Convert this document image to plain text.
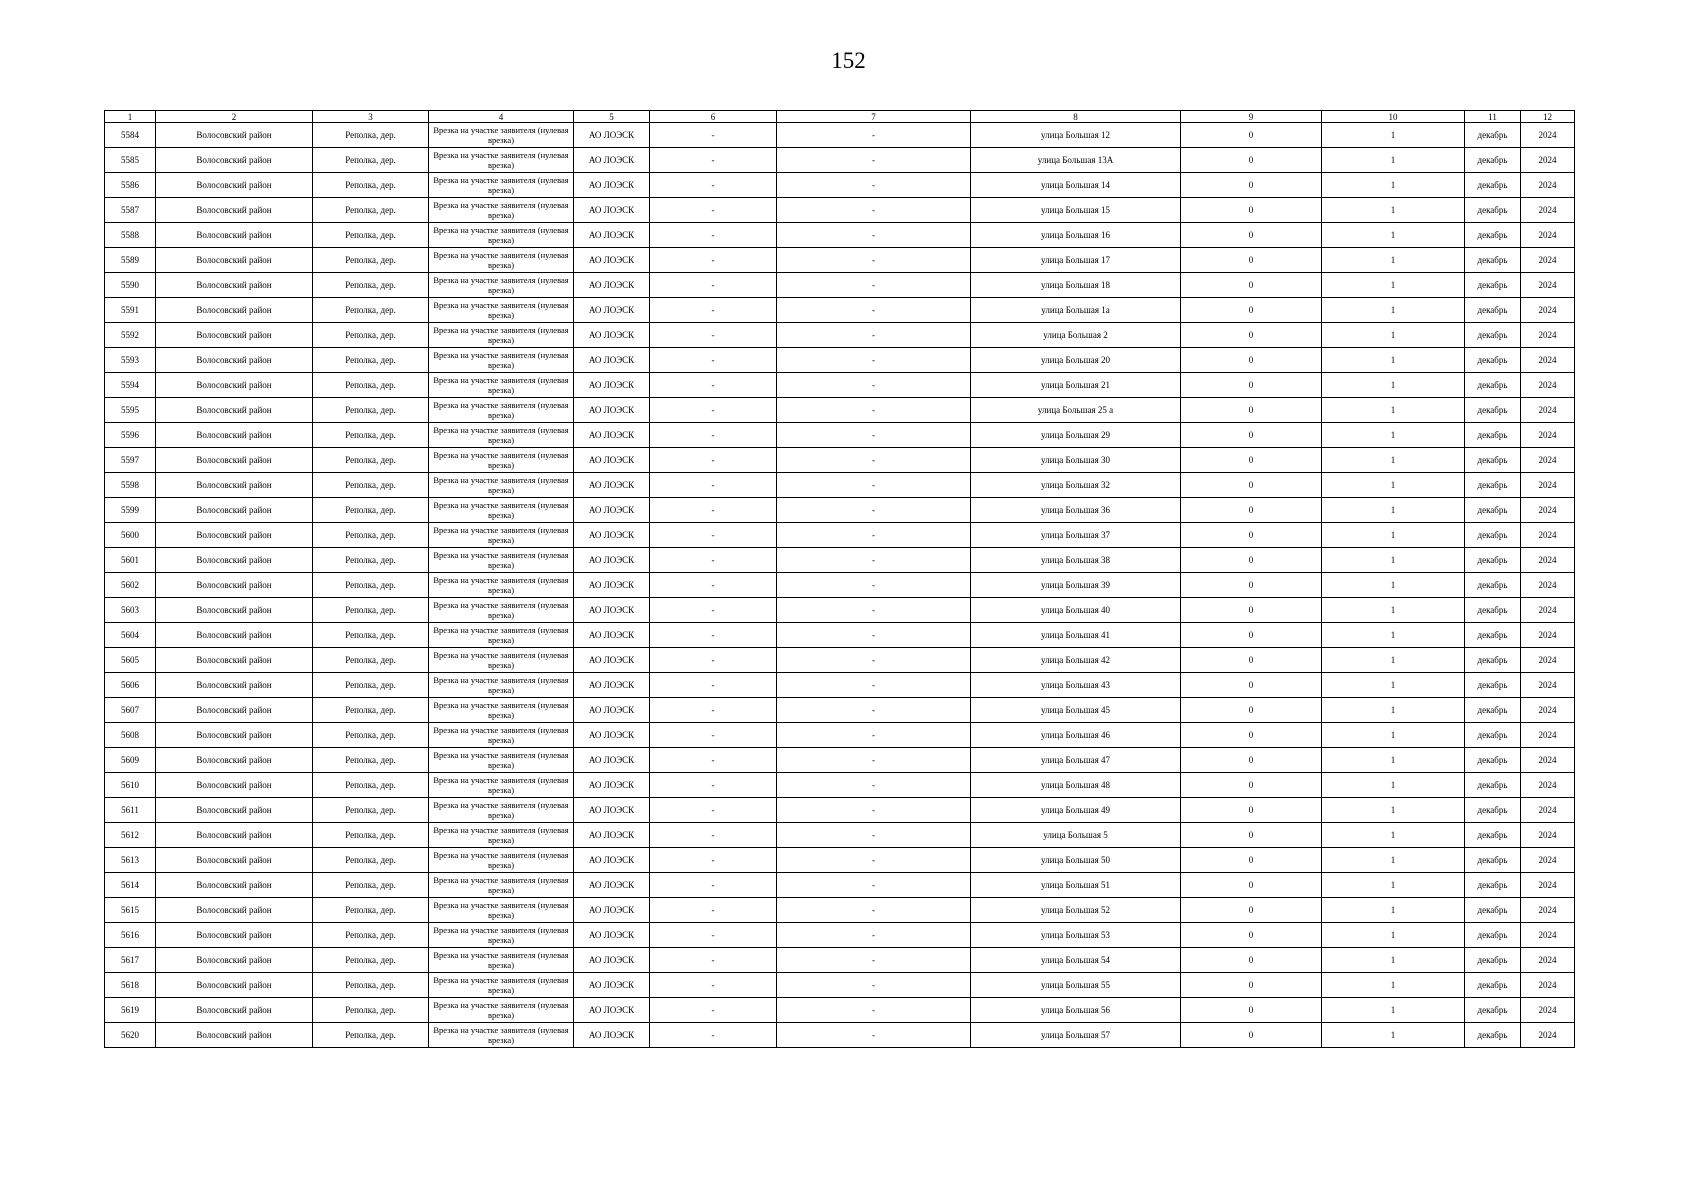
152
1	2	3	4	5	6	7	8	9	10	11	12
5584	Волосовский район	Реполка, дер.	Врезка на участке заявителя (нулевая врезка)	АО ЛОЭСК	-	-	улица Большая 12	0	1	декабрь	2024
5585	Волосовский район	Реполка, дер.	Врезка на участке заявителя (нулевая врезка)	АО ЛОЭСК	-	-	улица Большая 13А	0	1	декабрь	2024
5586	Волосовский район	Реполка, дер.	Врезка на участке заявителя (нулевая врезка)	АО ЛОЭСК	-	-	улица Большая 14	0	1	декабрь	2024
5587	Волосовский район	Реполка, дер.	Врезка на участке заявителя (нулевая врезка)	АО ЛОЭСК	-	-	улица Большая 15	0	1	декабрь	2024
5588	Волосовский район	Реполка, дер.	Врезка на участке заявителя (нулевая врезка)	АО ЛОЭСК	-	-	улица Большая 16	0	1	декабрь	2024
5589	Волосовский район	Реполка, дер.	Врезка на участке заявителя (нулевая врезка)	АО ЛОЭСК	-	-	улица Большая 17	0	1	декабрь	2024
5590	Волосовский район	Реполка, дер.	Врезка на участке заявителя (нулевая врезка)	АО ЛОЭСК	-	-	улица Большая 18	0	1	декабрь	2024
5591	Волосовский район	Реполка, дер.	Врезка на участке заявителя (нулевая врезка)	АО ЛОЭСК	-	-	улица Большая 1а	0	1	декабрь	2024
5592	Волосовский район	Реполка, дер.	Врезка на участке заявителя (нулевая врезка)	АО ЛОЭСК	-	-	улица Большая 2	0	1	декабрь	2024
5593	Волосовский район	Реполка, дер.	Врезка на участке заявителя (нулевая врезка)	АО ЛОЭСК	-	-	улица Большая 20	0	1	декабрь	2024
5594	Волосовский район	Реполка, дер.	Врезка на участке заявителя (нулевая врезка)	АО ЛОЭСК	-	-	улица Большая 21	0	1	декабрь	2024
5595	Волосовский район	Реполка, дер.	Врезка на участке заявителя (нулевая врезка)	АО ЛОЭСК	-	-	улица Большая 25 а	0	1	декабрь	2024
5596	Волосовский район	Реполка, дер.	Врезка на участке заявителя (нулевая врезка)	АО ЛОЭСК	-	-	улица Большая 29	0	1	декабрь	2024
5597	Волосовский район	Реполка, дер.	Врезка на участке заявителя (нулевая врезка)	АО ЛОЭСК	-	-	улица Большая 30	0	1	декабрь	2024
5598	Волосовский район	Реполка, дер.	Врезка на участке заявителя (нулевая врезка)	АО ЛОЭСК	-	-	улица Большая 32	0	1	декабрь	2024
5599	Волосовский район	Реполка, дер.	Врезка на участке заявителя (нулевая врезка)	АО ЛОЭСК	-	-	улица Большая 36	0	1	декабрь	2024
5600	Волосовский район	Реполка, дер.	Врезка на участке заявителя (нулевая врезка)	АО ЛОЭСК	-	-	улица Большая 37	0	1	декабрь	2024
5601	Волосовский район	Реполка, дер.	Врезка на участке заявителя (нулевая врезка)	АО ЛОЭСК	-	-	улица Большая 38	0	1	декабрь	2024
5602	Волосовский район	Реполка, дер.	Врезка на участке заявителя (нулевая врезка)	АО ЛОЭСК	-	-	улица Большая 39	0	1	декабрь	2024
5603	Волосовский район	Реполка, дер.	Врезка на участке заявителя (нулевая врезка)	АО ЛОЭСК	-	-	улица Большая 40	0	1	декабрь	2024
5604	Волосовский район	Реполка, дер.	Врезка на участке заявителя (нулевая врезка)	АО ЛОЭСК	-	-	улица Большая 41	0	1	декабрь	2024
5605	Волосовский район	Реполка, дер.	Врезка на участке заявителя (нулевая врезка)	АО ЛОЭСК	-	-	улица Большая 42	0	1	декабрь	2024
5606	Волосовский район	Реполка, дер.	Врезка на участке заявителя (нулевая врезка)	АО ЛОЭСК	-	-	улица Большая 43	0	1	декабрь	2024
5607	Волосовский район	Реполка, дер.	Врезка на участке заявителя (нулевая врезка)	АО ЛОЭСК	-	-	улица Большая 45	0	1	декабрь	2024
5608	Волосовский район	Реполка, дер.	Врезка на участке заявителя (нулевая врезка)	АО ЛОЭСК	-	-	улица Большая 46	0	1	декабрь	2024
5609	Волосовский район	Реполка, дер.	Врезка на участке заявителя (нулевая врезка)	АО ЛОЭСК	-	-	улица Большая 47	0	1	декабрь	2024
5610	Волосовский район	Реполка, дер.	Врезка на участке заявителя (нулевая врезка)	АО ЛОЭСК	-	-	улица Большая 48	0	1	декабрь	2024
5611	Волосовский район	Реполка, дер.	Врезка на участке заявителя (нулевая врезка)	АО ЛОЭСК	-	-	улица Большая 49	0	1	декабрь	2024
5612	Волосовский район	Реполка, дер.	Врезка на участке заявителя (нулевая врезка)	АО ЛОЭСК	-	-	улица Большая 5	0	1	декабрь	2024
5613	Волосовский район	Реполка, дер.	Врезка на участке заявителя (нулевая врезка)	АО ЛОЭСК	-	-	улица Большая 50	0	1	декабрь	2024
5614	Волосовский район	Реполка, дер.	Врезка на участке заявителя (нулевая врезка)	АО ЛОЭСК	-	-	улица Большая 51	0	1	декабрь	2024
5615	Волосовский район	Реполка, дер.	Врезка на участке заявителя (нулевая врезка)	АО ЛОЭСК	-	-	улица Большая 52	0	1	декабрь	2024
5616	Волосовский район	Реполка, дер.	Врезка на участке заявителя (нулевая врезка)	АО ЛОЭСК	-	-	улица Большая 53	0	1	декабрь	2024
5617	Волосовский район	Реполка, дер.	Врезка на участке заявителя (нулевая врезка)	АО ЛОЭСК	-	-	улица Большая 54	0	1	декабрь	2024
5618	Волосовский район	Реполка, дер.	Врезка на участке заявителя (нулевая врезка)	АО ЛОЭСК	-	-	улица Большая 55	0	1	декабрь	2024
5619	Волосовский район	Реполка, дер.	Врезка на участке заявителя (нулевая врезка)	АО ЛОЭСК	-	-	улица Большая 56	0	1	декабрь	2024
5620	Волосовский район	Реполка, дер.	Врезка на участке заявителя (нулевая врезка)	АО ЛОЭСК	-	-	улица Большая 57	0	1	декабрь	2024
